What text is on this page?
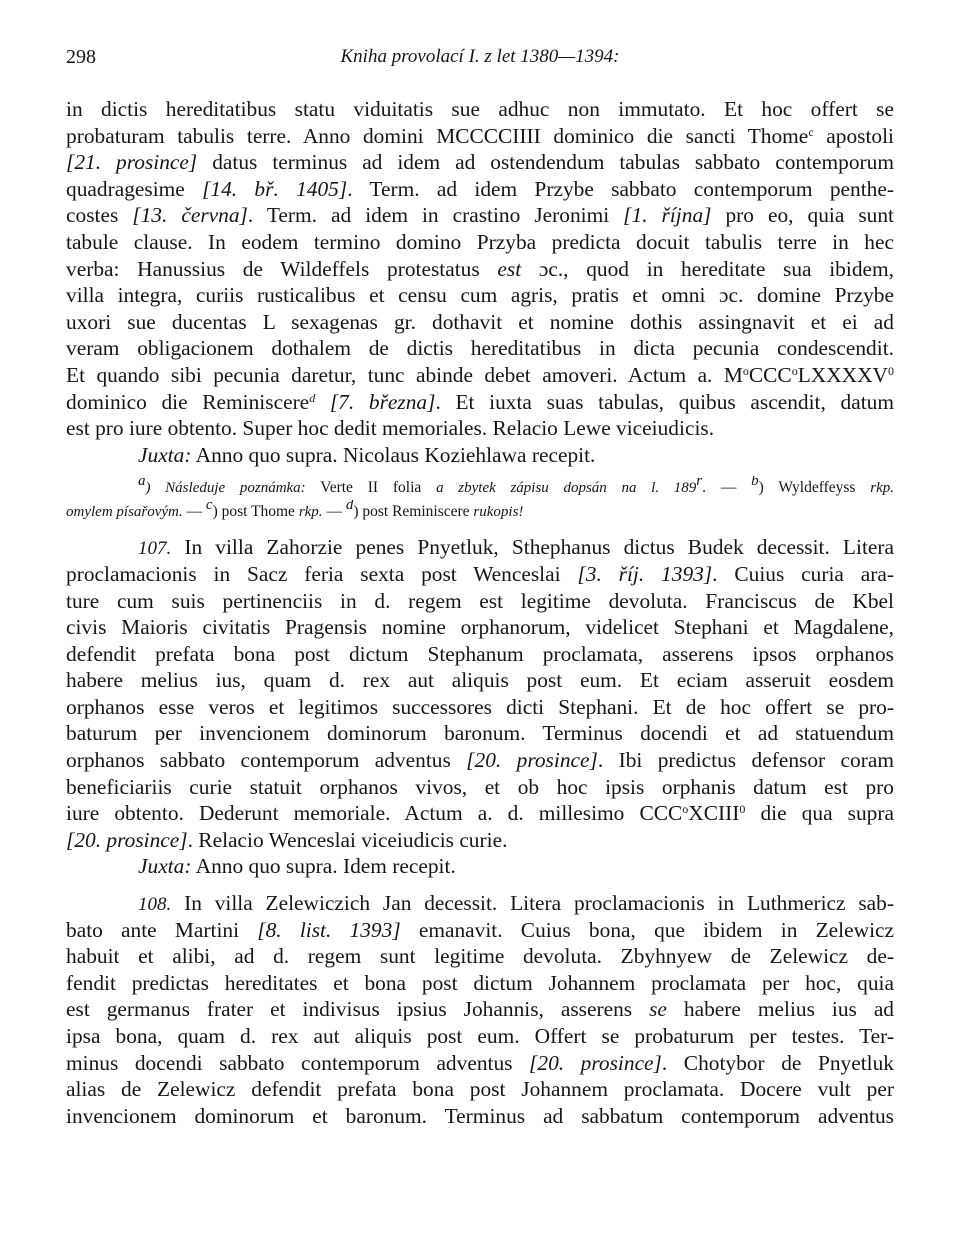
298	Kniha provolací I. z let 1380—1394:
in dictis hereditatibus statu viduitatis sue adhuc non immutato. Et hoc offert se
probaturam tabulis terre. Anno domini MCCCCIIII dominico die sancti Thome$^c$ apostoli
[21. prosince] datus terminus ad idem ad ostendendum tabulas sabbato contemporum
quadragesime [14. bř. 1405]. Term. ad idem Przybe sabbato contemporum penthe-
costes [13. června]. Term. ad idem in crastino Jeronimi [1. října] pro eo, quia sunt
tabule clause. In eodem termino domino Przyba predicta docuit tabulis terre in hec
verba: Hanussius de Wildeffels protestatus est ɔc., quod in hereditate sua ibidem,
villa integra, curiis rusticalibus et censu cum agris, pratis et omni ɔc. domine Przybe
uxori sue ducentas L sexagenas gr. dothavit et nomine dothis assingnavit et ei ad
veram obligacionem dothalem de dictis hereditatibus in dicta pecunia condescendit.
Et quando sibi pecunia daretur, tunc abinde debet amoveri. Actum a. $M^oCCC^oLXXXXV^0$
dominico die Reminiscere$^d$ [7. března]. Et iuxta suas tabulas, quibus ascendit, datum
est pro iure obtento. Super hoc dedit memoriales. Relacio Lewe viceiudicis.
Juxta: Anno quo supra. Nicolaus Koziehlawa recepit.
$^a$) Následuje poznámka: Verte II folia a zbytek zápisu dopsán na l. 189$^r$. — $^b$) Wyldeffeyss rkp.
omylem písařovým. — $^c$) post Thome rkp. — $^d$) post Reminiscere rukopis!
107. In villa Zahorzie penes Pnyetluk, Sthephanus dictus Budek decessit. Litera
proclamacionis in Sacz feria sexta post Wenceslai [3. říj. 1393]. Cuius curia ara-
ture cum suis pertinenciis in d. regem est legitime devoluta. Franciscus de Kbel
civis Maioris civitatis Pragensis nomine orphanorum, videlicet Stephani et Magdalene,
defendit prefata bona post dictum Stephanum proclamata, asserens ipsos orphanos
habere melius ius, quam d. rex aut aliquis post eum. Et eciam asseruit eosdem
orphanos esse veros et legitimos successores dicti Stephani. Et de hoc offert se pro-
baturum per invencionem dominorum baronum. Terminus docendi et ad statuendum
orphanos sabbato contemporum adventus [20. prosince]. Ibi predictus defensor coram
beneficiariis curie statuit orphanos vivos, et ob hoc ipsis orphanis datum est pro
iure obtento. Dederunt memoriale. Actum a. d. millesimo CCC$^o$XCIII$^0$ die qua supra
[20. prosince]. Relacio Wenceslai viceiudicis curie.
Juxta: Anno quo supra. Idem recepit.
108. In villa Zelewiczich Jan decessit. Litera proclamacionis in Luthmericz sab-
bato ante Martini [8. list. 1393] emanavit. Cuius bona, que ibidem in Zelewicz
habuit et alibi, ad d. regem sunt legitime devoluta. Zbyhnyew de Zelewicz de-
fendit predictas hereditates et bona post dictum Johannem proclamata per hoc, quia
est germanus frater et indivisus ipsius Johannis, asserens se habere melius ius ad
ipsa bona, quam d. rex aut aliquis post eum. Offert se probaturum per testes. Ter-
minus docendi sabbato contemporum adventus [20. prosince]. Chotybor de Pnyetluk
alias de Zelewicz defendit prefata bona post Johannem proclamata. Docere vult per
invencionem dominorum et baronum. Terminus ad sabbatum contemporum adventus
